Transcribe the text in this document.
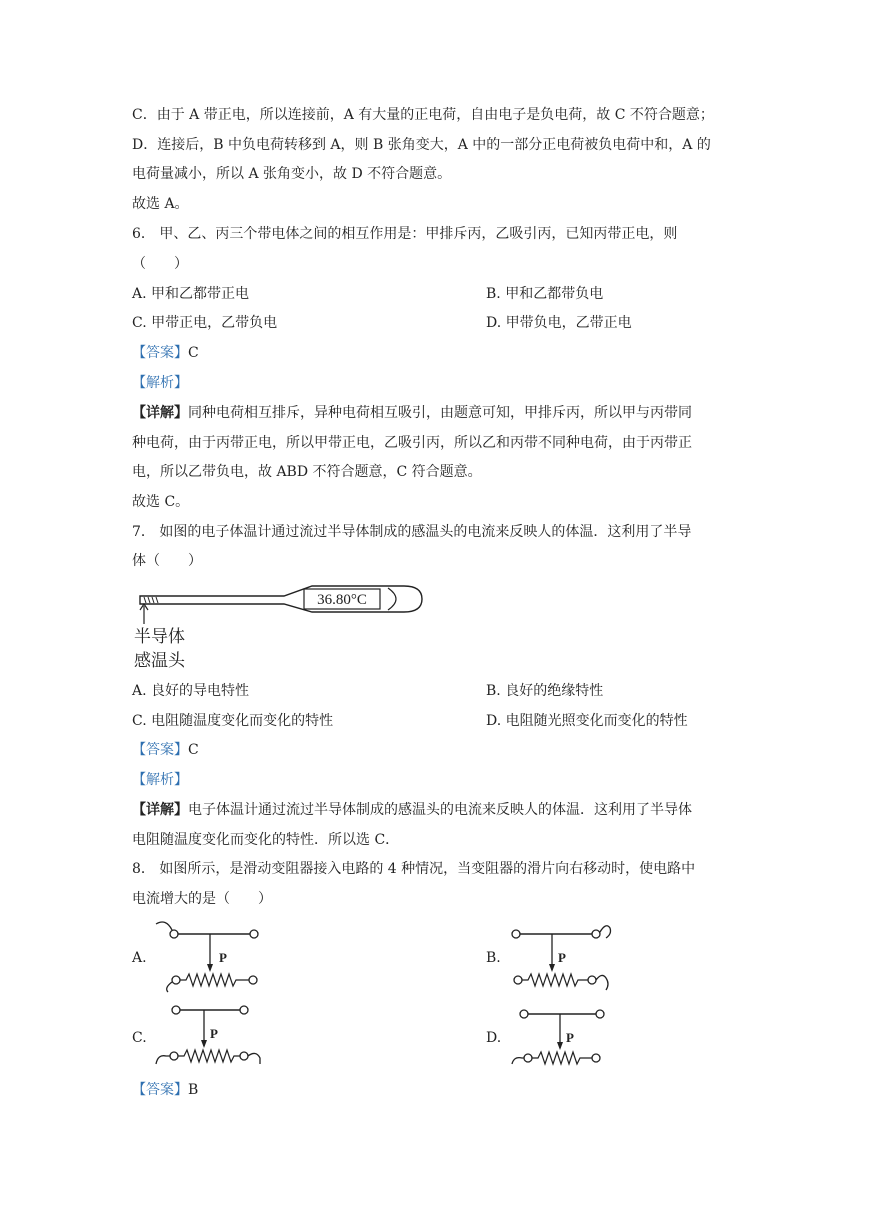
C．由于 A 带正电，所以连接前，A 有大量的正电荷，自由电子是负电荷，故 C 不符合题意；
D．连接后，B 中负电荷转移到 A，则 B 张角变大，A 中的一部分正电荷被负电荷中和，A 的
电荷量减小，所以 A 张角变小，故 D 不符合题意。
故选 A。
6． 甲、乙、丙三个带电体之间的相互作用是：甲排斥丙，乙吸引丙，已知丙带正电，则
（　　）
A. 甲和乙都带正电	B. 甲和乙都带负电
C. 甲带正电，乙带负电	D. 甲带负电，乙带正电
【答案】C
【解析】
【详解】同种电荷相互排斥，异种电荷相互吸引，由题意可知，甲排斥丙，所以甲与丙带同
种电荷，由于丙带正电，所以甲带正电，乙吸引丙，所以乙和丙带不同种电荷，由于丙带正
电，所以乙带负电，故 ABD 不符合题意，C 符合题意。
故选 C。
7． 如图的电子体温计通过流过半导体制成的感温头的电流来反映人的体温．这利用了半导
体（　　）
36.80°C
半导体
感温头
A. 良好的导电特性	B. 良好的绝缘特性
C. 电阻随温度变化而变化的特性	D. 电阻随光照变化而变化的特性
【答案】C
【解析】
【详解】电子体温计通过流过半导体制成的感温头的电流来反映人的体温．这利用了半导体
电阻随温度变化而变化的特性．所以选 C．
8． 如图所示，是滑动变阻器接入电路的 4 种情况，当变阻器的滑片向右移动时，使电路中
电流增大的是（　　）
A.	B.
C.	D.
P	P
P	P
【答案】B
